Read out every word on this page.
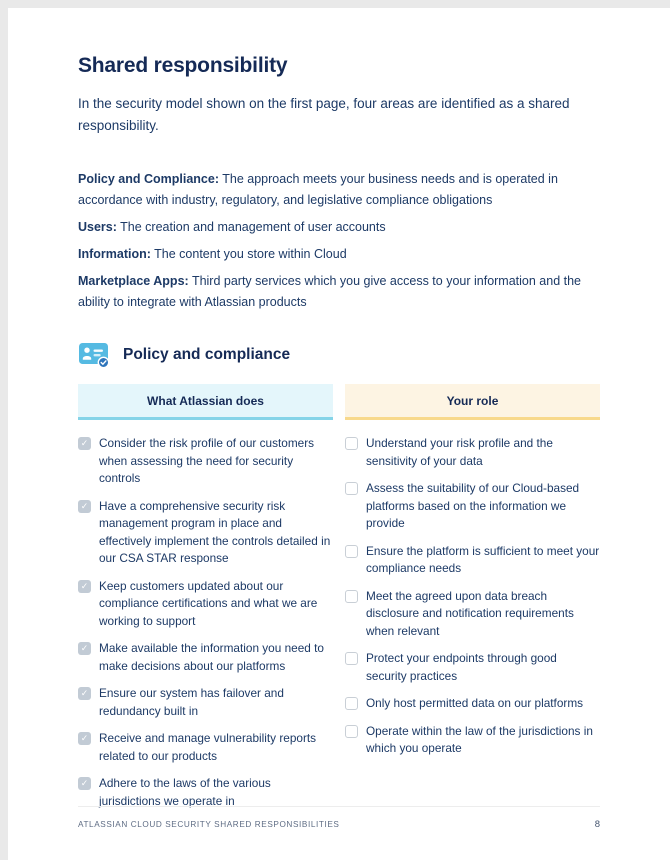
Shared responsibility

In the security model shown on the first page, four areas are identified as a shared responsibility.

Policy and Compliance: The approach meets your business needs and is operated in accordance with industry, regulatory, and legislative compliance obligations

Users: The creation and management of user accounts

Information: The content you store within Cloud

Marketplace Apps: Third party services which you give access to your information and the ability to integrate with Atlassian products

Policy and compliance
What Atlassian does	Your role
✓
Consider the risk profile of our customers when assessing the need for security controls
✓
Have a comprehensive security risk management program in place and effectively implement the controls detailed in our CSA STAR response
✓
Keep customers updated about our compliance certifications and what we are working to support
✓
Make available the information you need to make decisions about our platforms
✓
Ensure our system has failover and redundancy built in
✓
Receive and manage vulnerability reports related to our products
✓
Adhere to the laws of the various jurisdictions we operate in
Understand your risk profile and the sensitivity of your data
Assess the suitability of our Cloud-based platforms based on the information we provide
Ensure the platform is sufficient to meet your compliance needs
Meet the agreed upon data breach disclosure and notification requirements when relevant
Protect your endpoints through good security practices
Only host permitted data on our platforms
Operate within the law of the jurisdictions in which you operate
ATLASSIAN CLOUD SECURITY SHARED RESPONSIBILITIES	8
